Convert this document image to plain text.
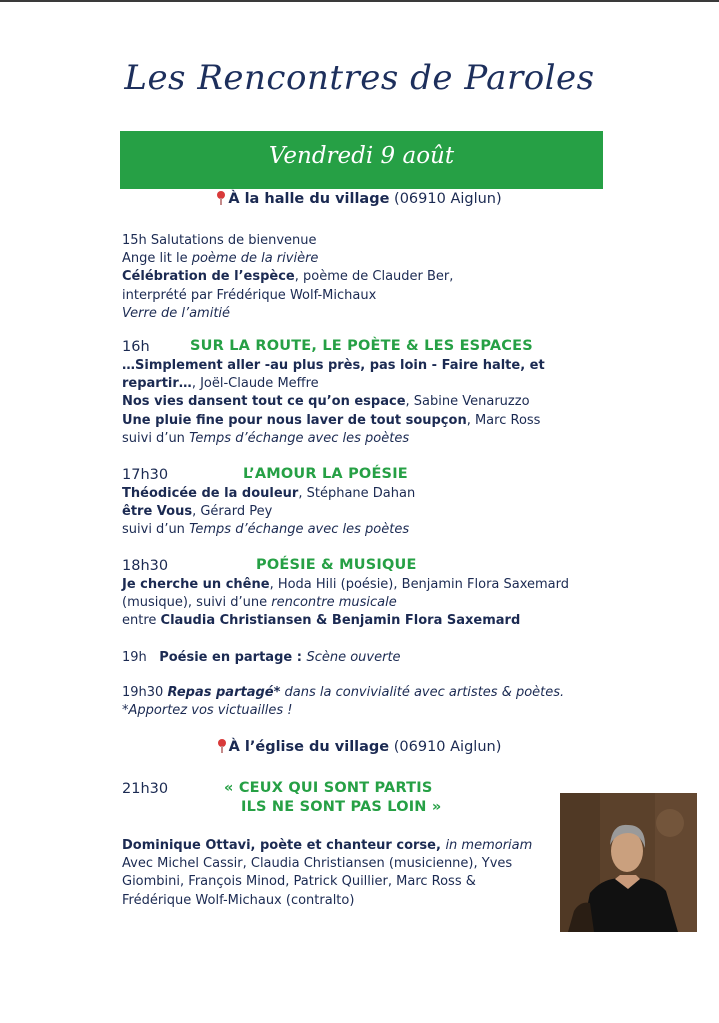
Les Rencontres de Paroles
Vendredi 9 août
À la halle du village (06910 Aiglun)
15h Salutations de bienvenue
Ange lit le poème de la rivière
Célébration de l’espèce, poème de Clauder Ber,
interprété par Frédérique Wolf-Michaux
Verre de l’amitié
16h	SUR LA ROUTE, LE POÈTE & LES ESPACES
…Simplement aller -au plus près, pas loin - Faire halte, et
repartir…, Joël-Claude Meffre
Nos vies dansent tout ce qu’on espace, Sabine Venaruzzo
Une pluie fine pour nous laver de tout soupçon, Marc Ross
suivi d’un Temps d’échange avec les poètes
17h30	L’AMOUR LA POÉSIE
Théodicée de la douleur, Stéphane Dahan
être Vous, Gérard Pey
suivi d’un Temps d’échange avec les poètes
18h30	POÉSIE & MUSIQUE
Je cherche un chêne, Hoda Hili (poésie), Benjamin Flora Saxemard
(musique), suivi d’une rencontre musicale
entre Claudia Christiansen & Benjamin Flora Saxemard
19h Poésie en partage : Scène ouverte
19h30 Repas partagé* dans la convivialité avec artistes & poètes.
*Apportez vos victuailles !
À l’église du village (06910 Aiglun)
21h30	« CEUX QUI SONT PARTIS
ILS NE SONT PAS LOIN »
Dominique Ottavi, poète et chanteur corse, in memoriam
Avec Michel Cassir, Claudia Christiansen (musicienne), Yves
Giombini, François Minod, Patrick Quillier, Marc Ross &
Frédérique Wolf-Michaux (contralto)
